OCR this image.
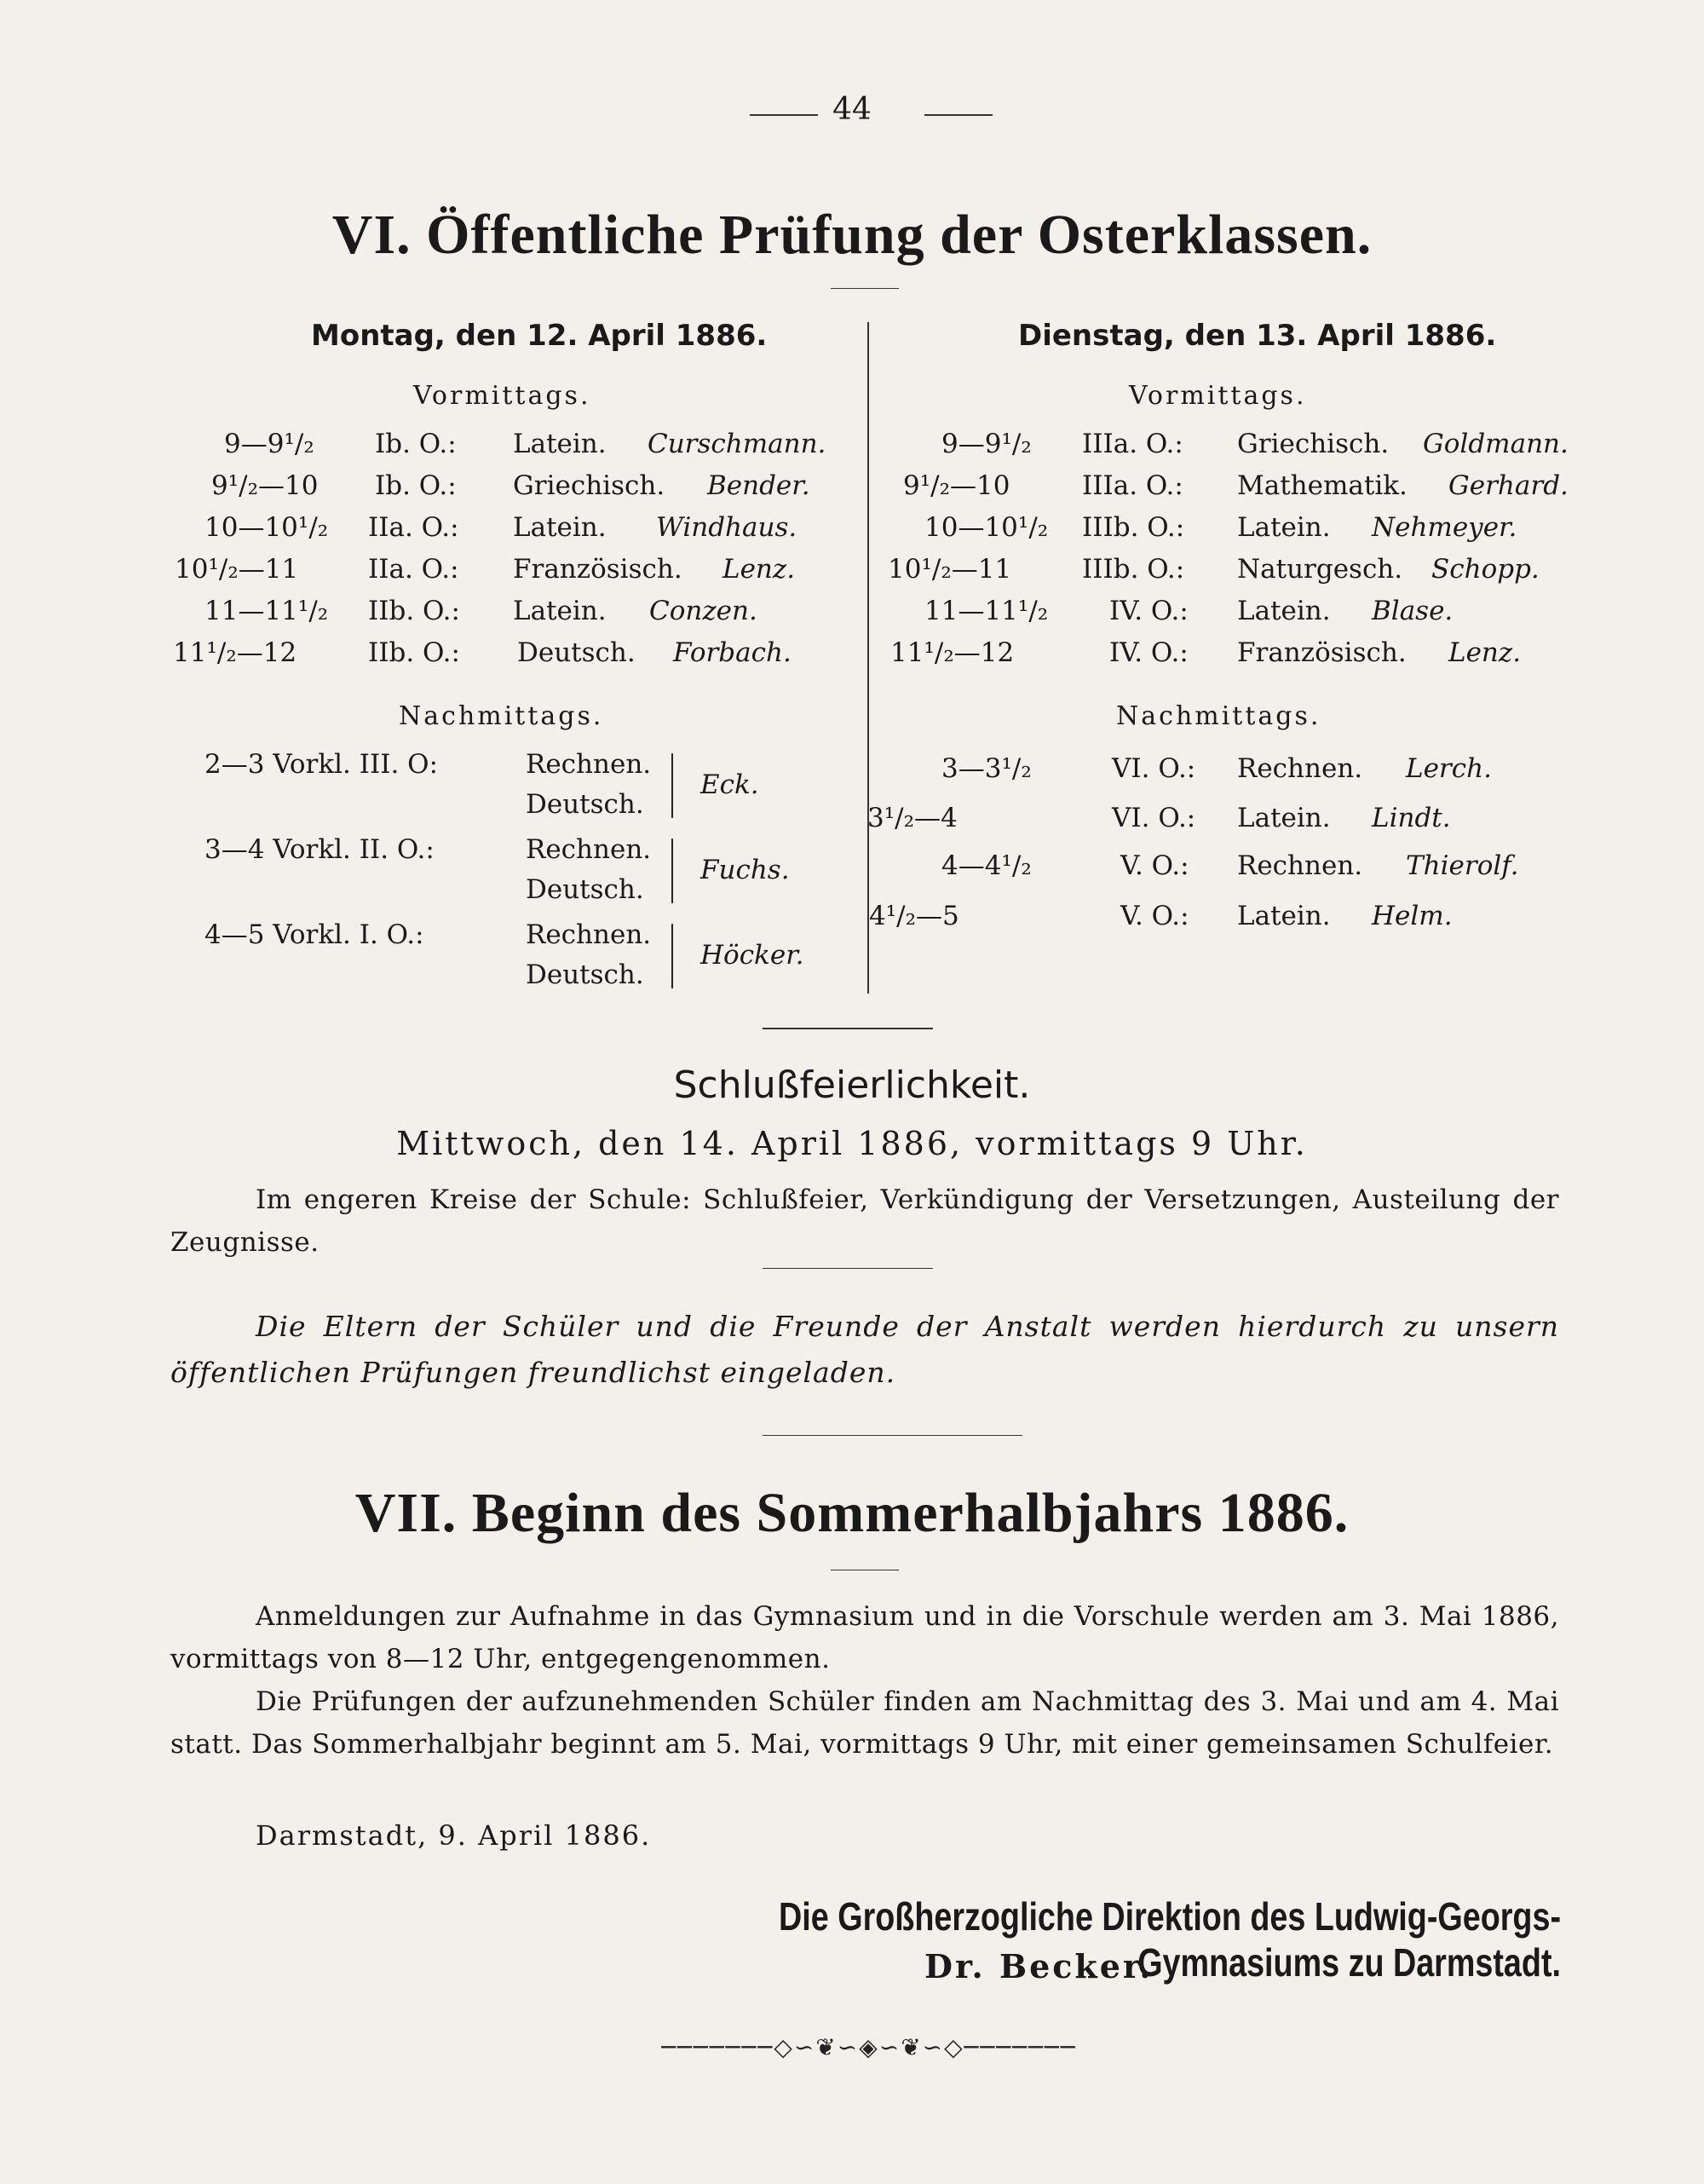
44
VI. Öffentliche Prüfung der Osterklassen.
Montag, den 12. April 1886.	Dienstag, den 13. April 1886.
Vormittags.	Vormittags.
9—9¹/₂ Ib. O.: Latein. Curschmann.
9¹/₂—10 Ib. O.: Griechisch. Bender.
10—10¹/₂ IIa. O.: Latein. Windhaus.
10¹/₂—11	IIa. O.: Französisch. Lenz.
11—11¹/₂ IIb. O.: Latein. Conzen.
11¹/₂—12	IIb. O.: Deutsch. Forbach.
9—9¹/₂ IIIa. O.: Griechisch. Goldmann.
9¹/₂—10	IIIa. O.: Mathematik. Gerhard.
10—10¹/₂ IIIb. O.: Latein. Nehmeyer.
10¹/₂—11	IIIb. O.: Naturgesch. Schopp.
11—11¹/₂ IV. O.: Latein. Blase.
11¹/₂—12	IV. O.: Französisch. Lenz.
Nachmittags.	Nachmittags.
2—3 Vorkl. III. O:	Rechnen.
Deutsch.
Eck.
3—4 Vorkl. II. O.:	Rechnen.
Deutsch.
Fuchs.
4—5 Vorkl. I. O.:	Rechnen.
Deutsch.
Höcker.
3—3¹/₂	VI. O.: Rechnen. Lerch.
3¹/₂—4	VI. O.: Latein. Lindt.
4—4¹/₂	V. O.: Rechnen. Thierolf.
4¹/₂—5	V. O.: Latein. Helm.
Schlußfeierlichkeit.
Mittwoch, den 14. April 1886, vormittags 9 Uhr.
Im engeren Kreise der Schule: Schlußfeier, Verkündigung der Versetzungen, Austeilung der Zeugnisse.
Die Eltern der Schüler und die Freunde der Anstalt werden hierdurch zu unsern öffentlichen Prüfungen freundlichst eingeladen.
VII. Beginn des Sommerhalbjahrs 1886.
Anmeldungen zur Aufnahme in das Gymnasium und in die Vorschule werden am 3. Mai 1886, vormittags von 8—12 Uhr, entgegengenommen.
Die Prüfungen der aufzunehmenden Schüler finden am Nachmittag des 3. Mai und am 4. Mai statt. Das Sommerhalbjahr beginnt am 5. Mai, vormittags 9 Uhr, mit einer gemeinsamen Schulfeier.
Darmstadt, 9. April 1886.
Die Großherzogliche Direktion des Ludwig-Georgs-Gymnasiums zu Darmstadt.
Dr. Becker.
───────◇∽❦∽◈∽❦∽◇───────
